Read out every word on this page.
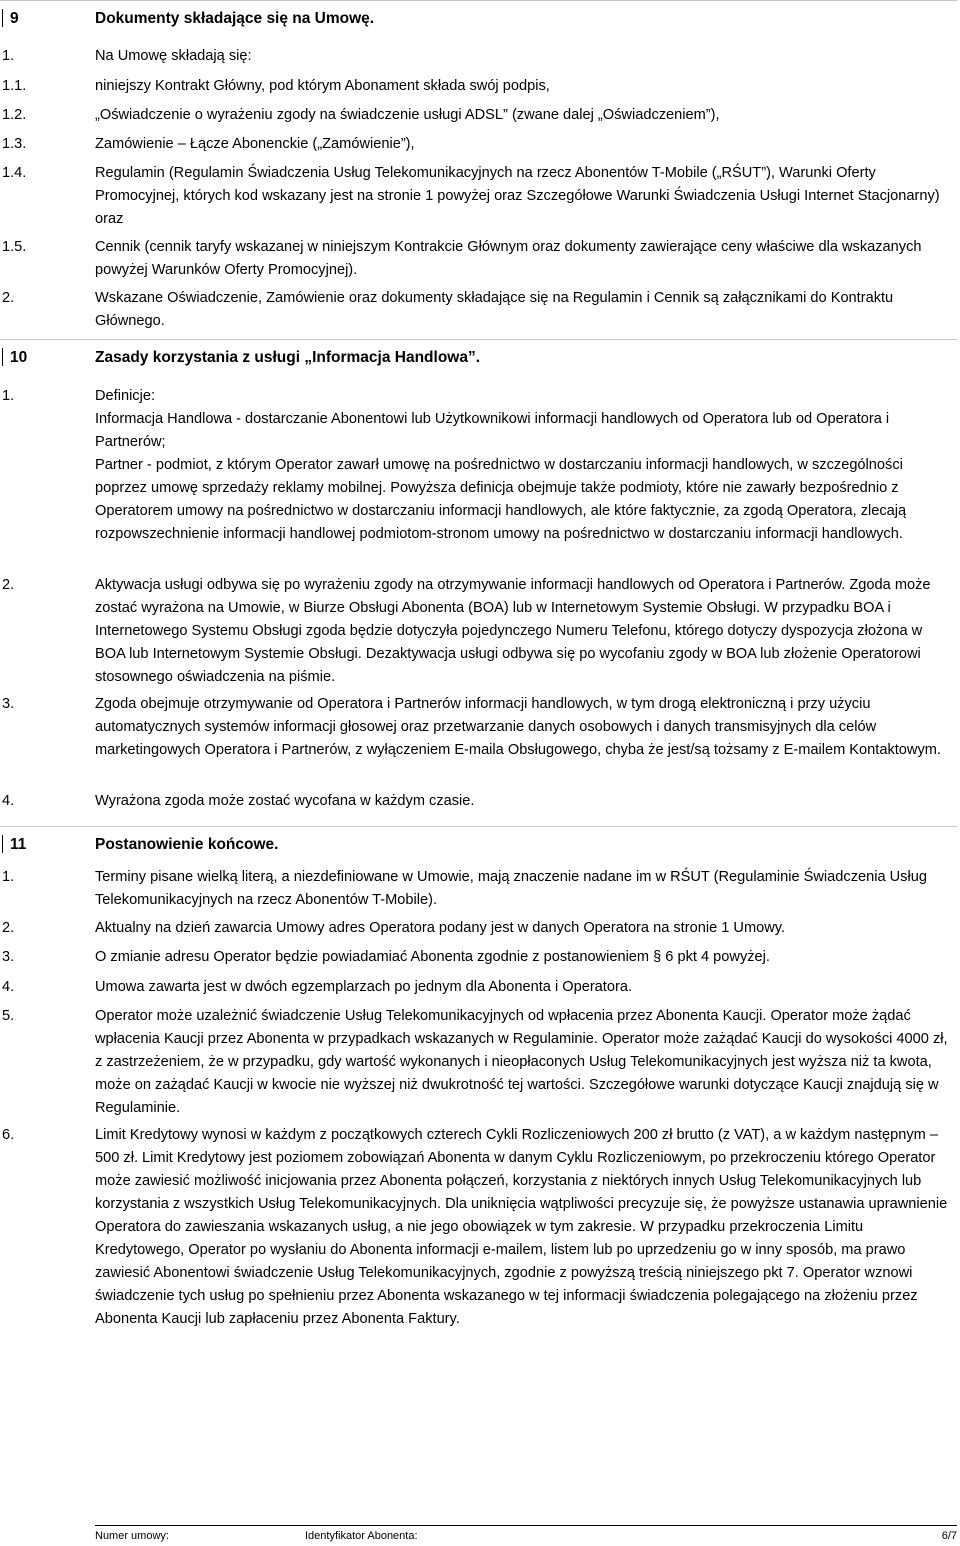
9	Dokumenty składające się na Umowę.
1.	Na Umowę składają się:
1.1.	niniejszy Kontrakt Główny, pod którym Abonament składa swój podpis,
1.2.	„Oświadczenie o wyrażeniu zgody na świadczenie usługi ADSL” (zwane dalej „Oświadczeniem”),
1.3.	Zamówienie – Łącze Abonenckie („Zamówienie”),
1.4.	Regulamin (Regulamin Świadczenia Usług Telekomunikacyjnych na rzecz Abonentów T-Mobile („RŚUT”), Warunki Oferty Promocyjnej, których kod wskazany jest na stronie 1 powyżej oraz Szczegółowe Warunki Świadczenia Usługi Internet Stacjonarny) oraz
1.5.	Cennik (cennik taryfy wskazanej w niniejszym Kontrakcie Głównym oraz dokumenty zawierające ceny właściwe dla wskazanych powyżej Warunków Oferty Promocyjnej).
2.	Wskazane Oświadczenie, Zamówienie oraz dokumenty składające się na Regulamin i Cennik są załącznikami do Kontraktu Głównego.
10	Zasady korzystania z usługi „Informacja Handlowa”.
1.	Definicje:
Informacja Handlowa - dostarczanie Abonentowi lub Użytkownikowi informacji handlowych od Operatora lub od Operatora i Partnerów;
Partner - podmiot, z którym Operator zawarł umowę na pośrednictwo w dostarczaniu informacji handlowych, w szczególności poprzez umowę sprzedaży reklamy mobilnej. Powyższa definicja obejmuje także podmioty, które nie zawarły bezpośrednio z Operatorem umowy na pośrednictwo w dostarczaniu informacji handlowych, ale które faktycznie, za zgodą Operatora, zlecają rozpowszechnienie informacji handlowej podmiotom-stronom umowy na pośrednictwo w dostarczaniu informacji handlowych.
2.	Aktywacja usługi odbywa się po wyrażeniu zgody na otrzymywanie informacji handlowych od Operatora i Partnerów. Zgoda może zostać wyrażona na Umowie, w Biurze Obsługi Abonenta (BOA) lub w Internetowym Systemie Obsługi. W przypadku BOA i Internetowego Systemu Obsługi zgoda będzie dotyczyła pojedynczego Numeru Telefonu, którego dotyczy dyspozycja złożona w BOA lub Internetowym Systemie Obsługi. Dezaktywacja usługi odbywa się po wycofaniu zgody w BOA lub złożenie Operatorowi stosownego oświadczenia na piśmie.
3.	Zgoda obejmuje otrzymywanie od Operatora i Partnerów informacji handlowych, w tym drogą elektroniczną i przy użyciu automatycznych systemów informacji głosowej oraz przetwarzanie danych osobowych i danych transmisyjnych dla celów marketingowych Operatora i Partnerów, z wyłączeniem E-maila Obsługowego, chyba że jest/są tożsamy z E-mailem Kontaktowym.
4.	Wyrażona zgoda może zostać wycofana w każdym czasie.
11	Postanowienie końcowe.
1.	Terminy pisane wielką literą, a niezdefiniowane w Umowie, mają znaczenie nadane im w RŚUT (Regulaminie Świadczenia Usług Telekomunikacyjnych na rzecz Abonentów T-Mobile).
2.	Aktualny na dzień zawarcia Umowy adres Operatora podany jest w danych Operatora na stronie 1 Umowy.
3.	O zmianie adresu Operator będzie powiadamiać Abonenta zgodnie z postanowieniem § 6 pkt 4 powyżej.
4.	Umowa zawarta jest w dwóch egzemplarzach po jednym dla Abonenta i Operatora.
5.	Operator może uzależnić świadczenie Usług Telekomunikacyjnych od wpłacenia przez Abonenta Kaucji. Operator może żądać wpłacenia Kaucji przez Abonenta w przypadkach wskazanych w Regulaminie. Operator może zażądać Kaucji do wysokości 4000 zł, z zastrzeżeniem, że w przypadku, gdy wartość wykonanych i nieopłaconych Usług Telekomunikacyjnych jest wyższa niż ta kwota, może on zażądać Kaucji w kwocie nie wyższej niż dwukrotność tej wartości. Szczegółowe warunki dotyczące Kaucji znajdują się w Regulaminie.
6.	Limit Kredytowy wynosi w każdym z początkowych czterech Cykli Rozliczeniowych 200 zł brutto (z VAT), a w każdym następnym – 500 zł. Limit Kredytowy jest poziomem zobowiązań Abonenta w danym Cyklu Rozliczeniowym, po przekroczeniu którego Operator może zawiesić możliwość inicjowania przez Abonenta połączeń, korzystania z niektórych innych Usług Telekomunikacyjnych lub korzystania z wszystkich Usług Telekomunikacyjnych. Dla uniknięcia wątpliwości precyzuje się, że powyższe ustanawia uprawnienie Operatora do zawieszania wskazanych usług, a nie jego obowiązek w tym zakresie. W przypadku przekroczenia Limitu Kredytowego, Operator po wysłaniu do Abonenta informacji e-mailem, listem lub po uprzedzeniu go w inny sposób, ma prawo zawiesić Abonentowi świadczenie Usług Telekomunikacyjnych, zgodnie z powyższą treścią niniejszego pkt 7. Operator wznowi świadczenie tych usług po spełnieniu przez Abonenta wskazanego w tej informacji świadczenia polegającego na złożeniu przez Abonenta Kaucji lub zapłaceniu przez Abonenta Faktury.
Numer umowy:	Identyfikator Abonenta:	6/7
